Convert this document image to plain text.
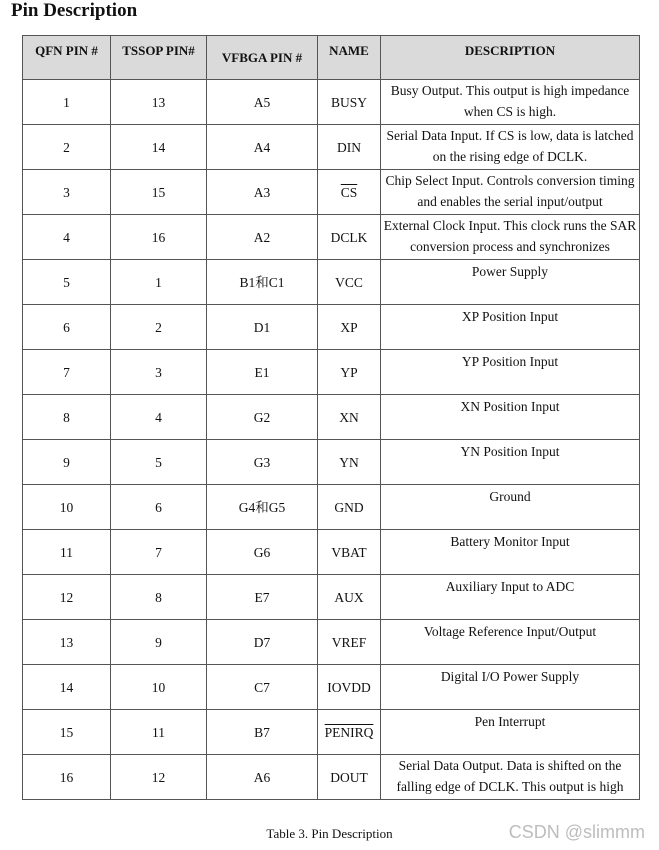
Pin Description
QFN PIN #	TSSOP PIN#	VFBGA PIN #	NAME	DESCRIPTION
1	13	A5	BUSY	Busy Output. This output is high impedance when CS is high.

2	14	A4	DIN	Serial Data Input. If CS is low, data is latched on the rising edge of DCLK.

3	15	A3	$\overline{CS}$	Chip Select Input. Controls conversion timing and enables the serial input/output

4	16	A2	DCLK	External Clock Input. This clock runs the SAR conversion process and synchronizes

5	1	B1和C1	VCC	Power Supply

6	2	D1	XP	XP Position Input

7	3	E1	YP	YP Position Input

8	4	G2	XN	XN Position Input

9	5	G3	YN	YN Position Input

10	6	G4和G5	GND	Ground

11	7	G6	VBAT	Battery Monitor Input

12	8	E7	AUX	Auxiliary Input to ADC

13	9	D7	VREF	Voltage Reference Input/Output

14	10	C7	IOVDD	Digital I/O Power Supply

15	11	B7	PENIRQ	Pen Interrupt

16	12	A6	DOUT	Serial Data Output. Data is shifted on the falling edge of DCLK. This output is high
Table 3. Pin Description	CSDN @slimmm
